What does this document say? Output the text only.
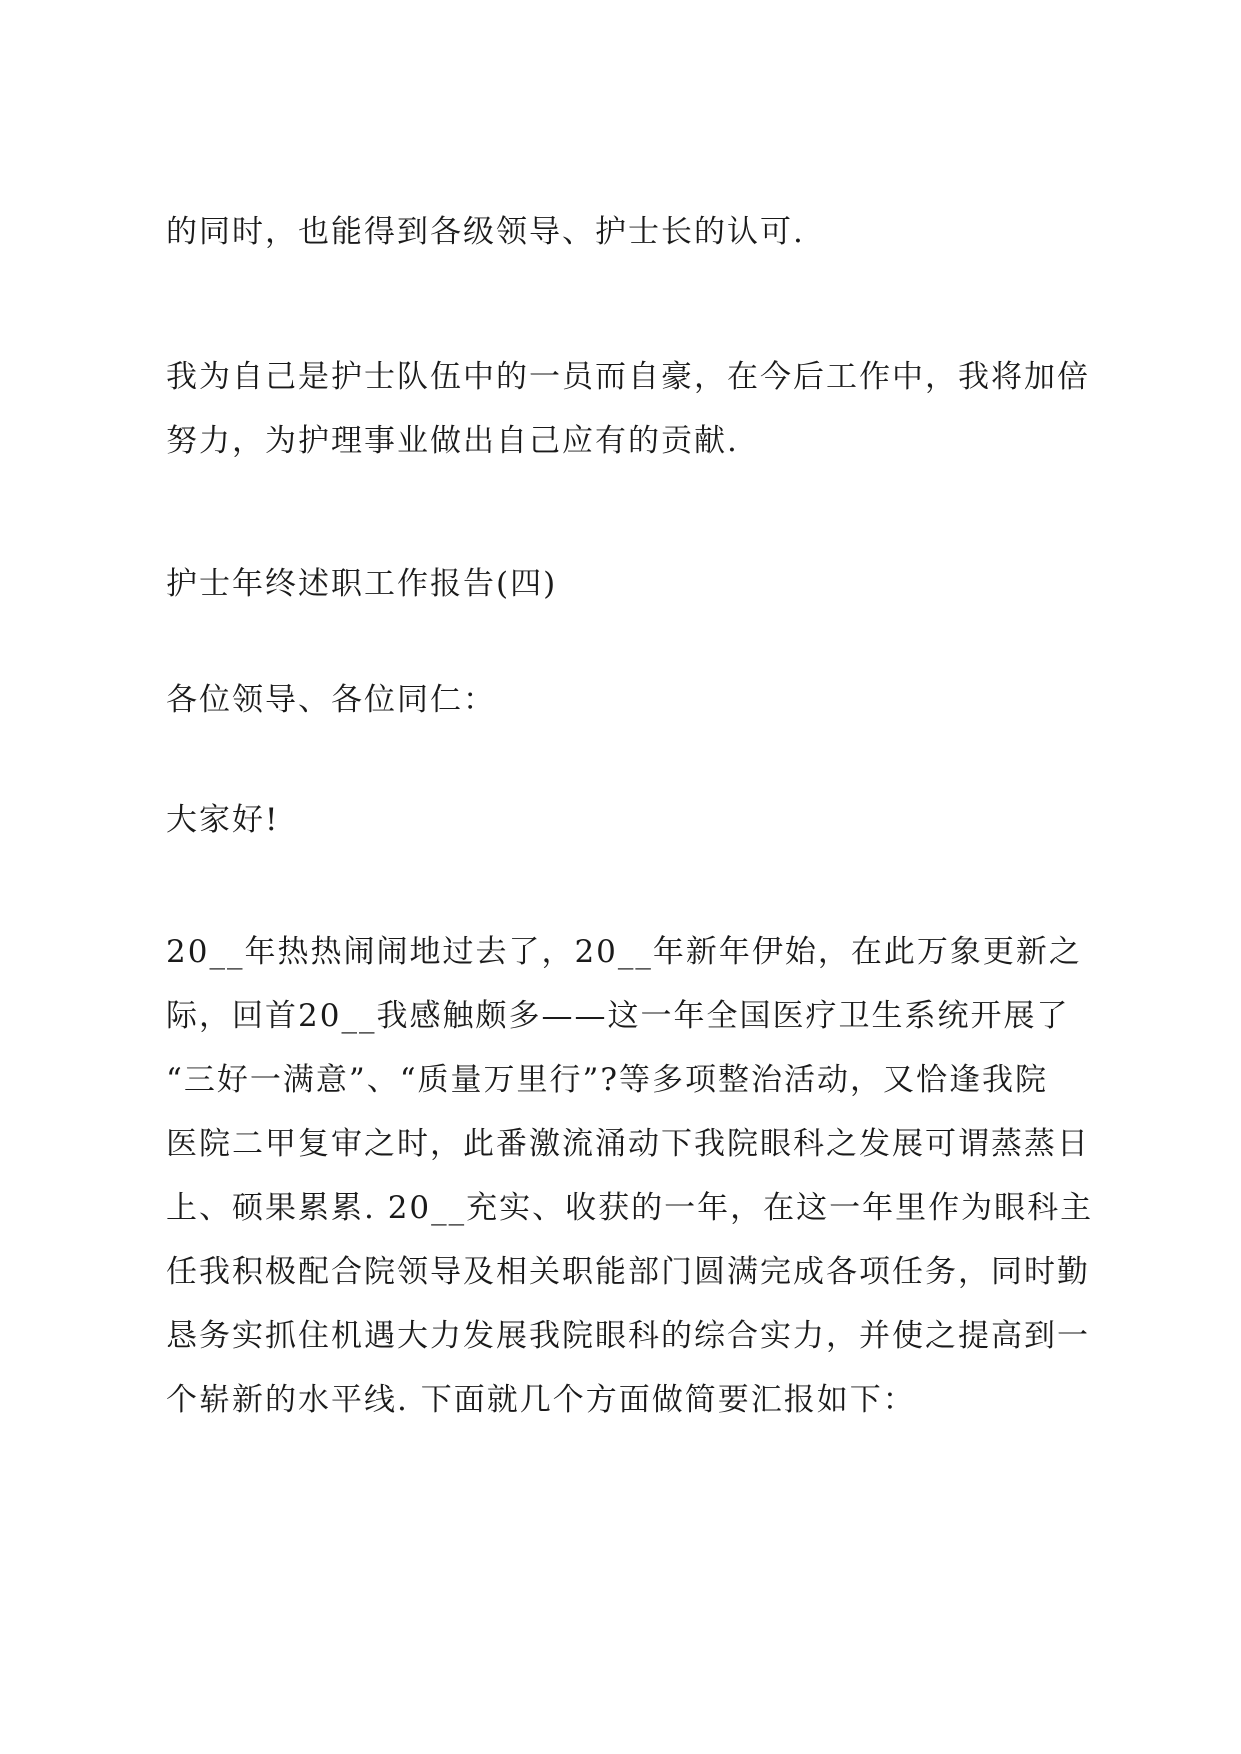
的同时，也能得到各级领导、护士长的认可.

我为自己是护士队伍中的一员而自豪，在今后工作中，我将加倍
努力，为护理事业做出自己应有的贡献.

护士年终述职工作报告(四)

各位领导、各位同仁：

大家好!

20__年热热闹闹地过去了，20__年新年伊始，在此万象更新之
际，回首20__我感触颇多——这一年全国医疗卫生系统开展了
“三好一满意”、“质量万里行”?等多项整治活动，又恰逢我院
医院二甲复审之时，此番激流涌动下我院眼科之发展可谓蒸蒸日
上、硕果累累. 20__充实、收获的一年，在这一年里作为眼科主
任我积极配合院领导及相关职能部门圆满完成各项任务，同时勤
恳务实抓住机遇大力发展我院眼科的综合实力，并使之提高到一
个崭新的水平线. 下面就几个方面做简要汇报如下：
